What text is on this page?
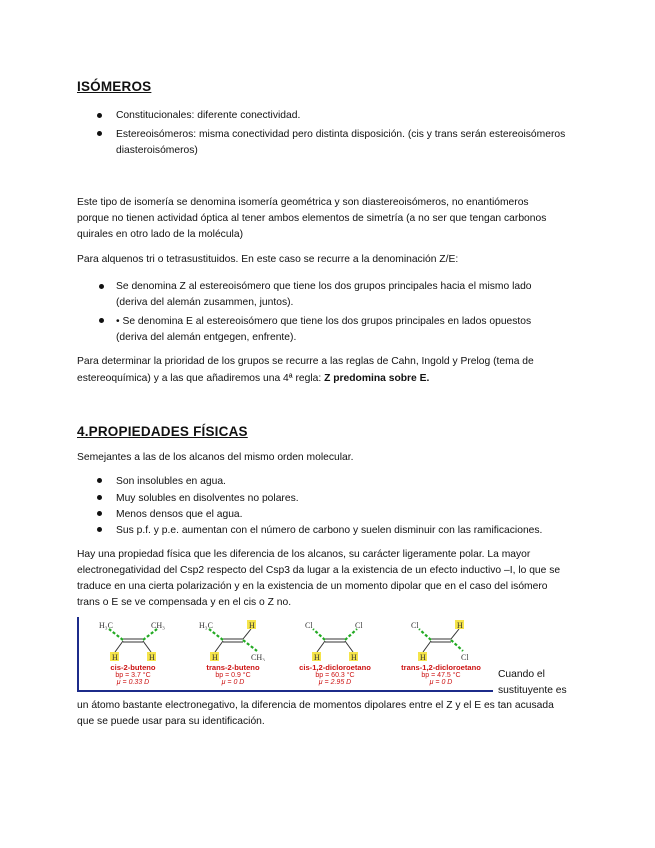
ISÓMEROS
Constitucionales: diferente conectividad.
Estereoisómeros: misma conectividad pero distinta disposición. (cis y trans serán estereoisómeros
diasteroisómeros)
Este tipo de isomería se denomina isomería geométrica y son diastereoisómeros, no enantiómeros
porque no tienen actividad óptica al tener ambos elementos de simetría (a no ser que tengan carbonos
quirales en otro lado de la molécula)
Para alquenos tri o tetrasustituidos. En este caso se recurre a la denominación Z/E:
Se denomina Z al estereoisómero que tiene los dos grupos principales hacia el mismo lado
(deriva del alemán zusammen, juntos).
• Se denomina E al estereoisómero que tiene los dos grupos principales en lados opuestos
(deriva del alemán entgegen, enfrente).
Para determinar la prioridad de los grupos se recurre a las reglas de Cahn, Ingold y Prelog (tema de
estereoquímica) y a las que añadiremos una 4ª regla: Z predomina sobre E.
4.PROPIEDADES FÍSICAS
Semejantes a las de los alcanos del mismo orden molecular.
Son insolubles en agua.
Muy solubles en disolventes no polares.
Menos densos que el agua.
Sus p.f. y p.e. aumentan con el número de carbono y suelen disminuir con las ramificaciones.
Hay una propiedad física que les diferencia de los alcanos, su carácter ligeramente polar. La mayor
electronegatividad del Csp2 respecto del Csp3 da lugar a la existencia de un efecto inductivo –I, lo que se
traduce en una cierta polarización y en la existencia de un momento dipolar que en el caso del isómero
trans o E se ve compensada y en el cis o Z no.
H₃C	CH₃
H	H
cis-2-buteno
bp = 3.7 °C
μ = 0.33 D
H₃C	H
H	CH₃
trans-2-buteno
bp = 0.9 °C
μ = 0 D
Cl	Cl
H	H
cis-1,2-dicloroetano
bp = 60.3 °C
μ = 2.95 D
Cl	H
H	Cl
trans-1,2-dicloroetano
bp = 47.5 °C
μ = 0 D
Cuando el
sustituyente es
un átomo bastante electronegativo, la diferencia de momentos dipolares entre el Z y el E es tan acusada
que se puede usar para su identificación.
